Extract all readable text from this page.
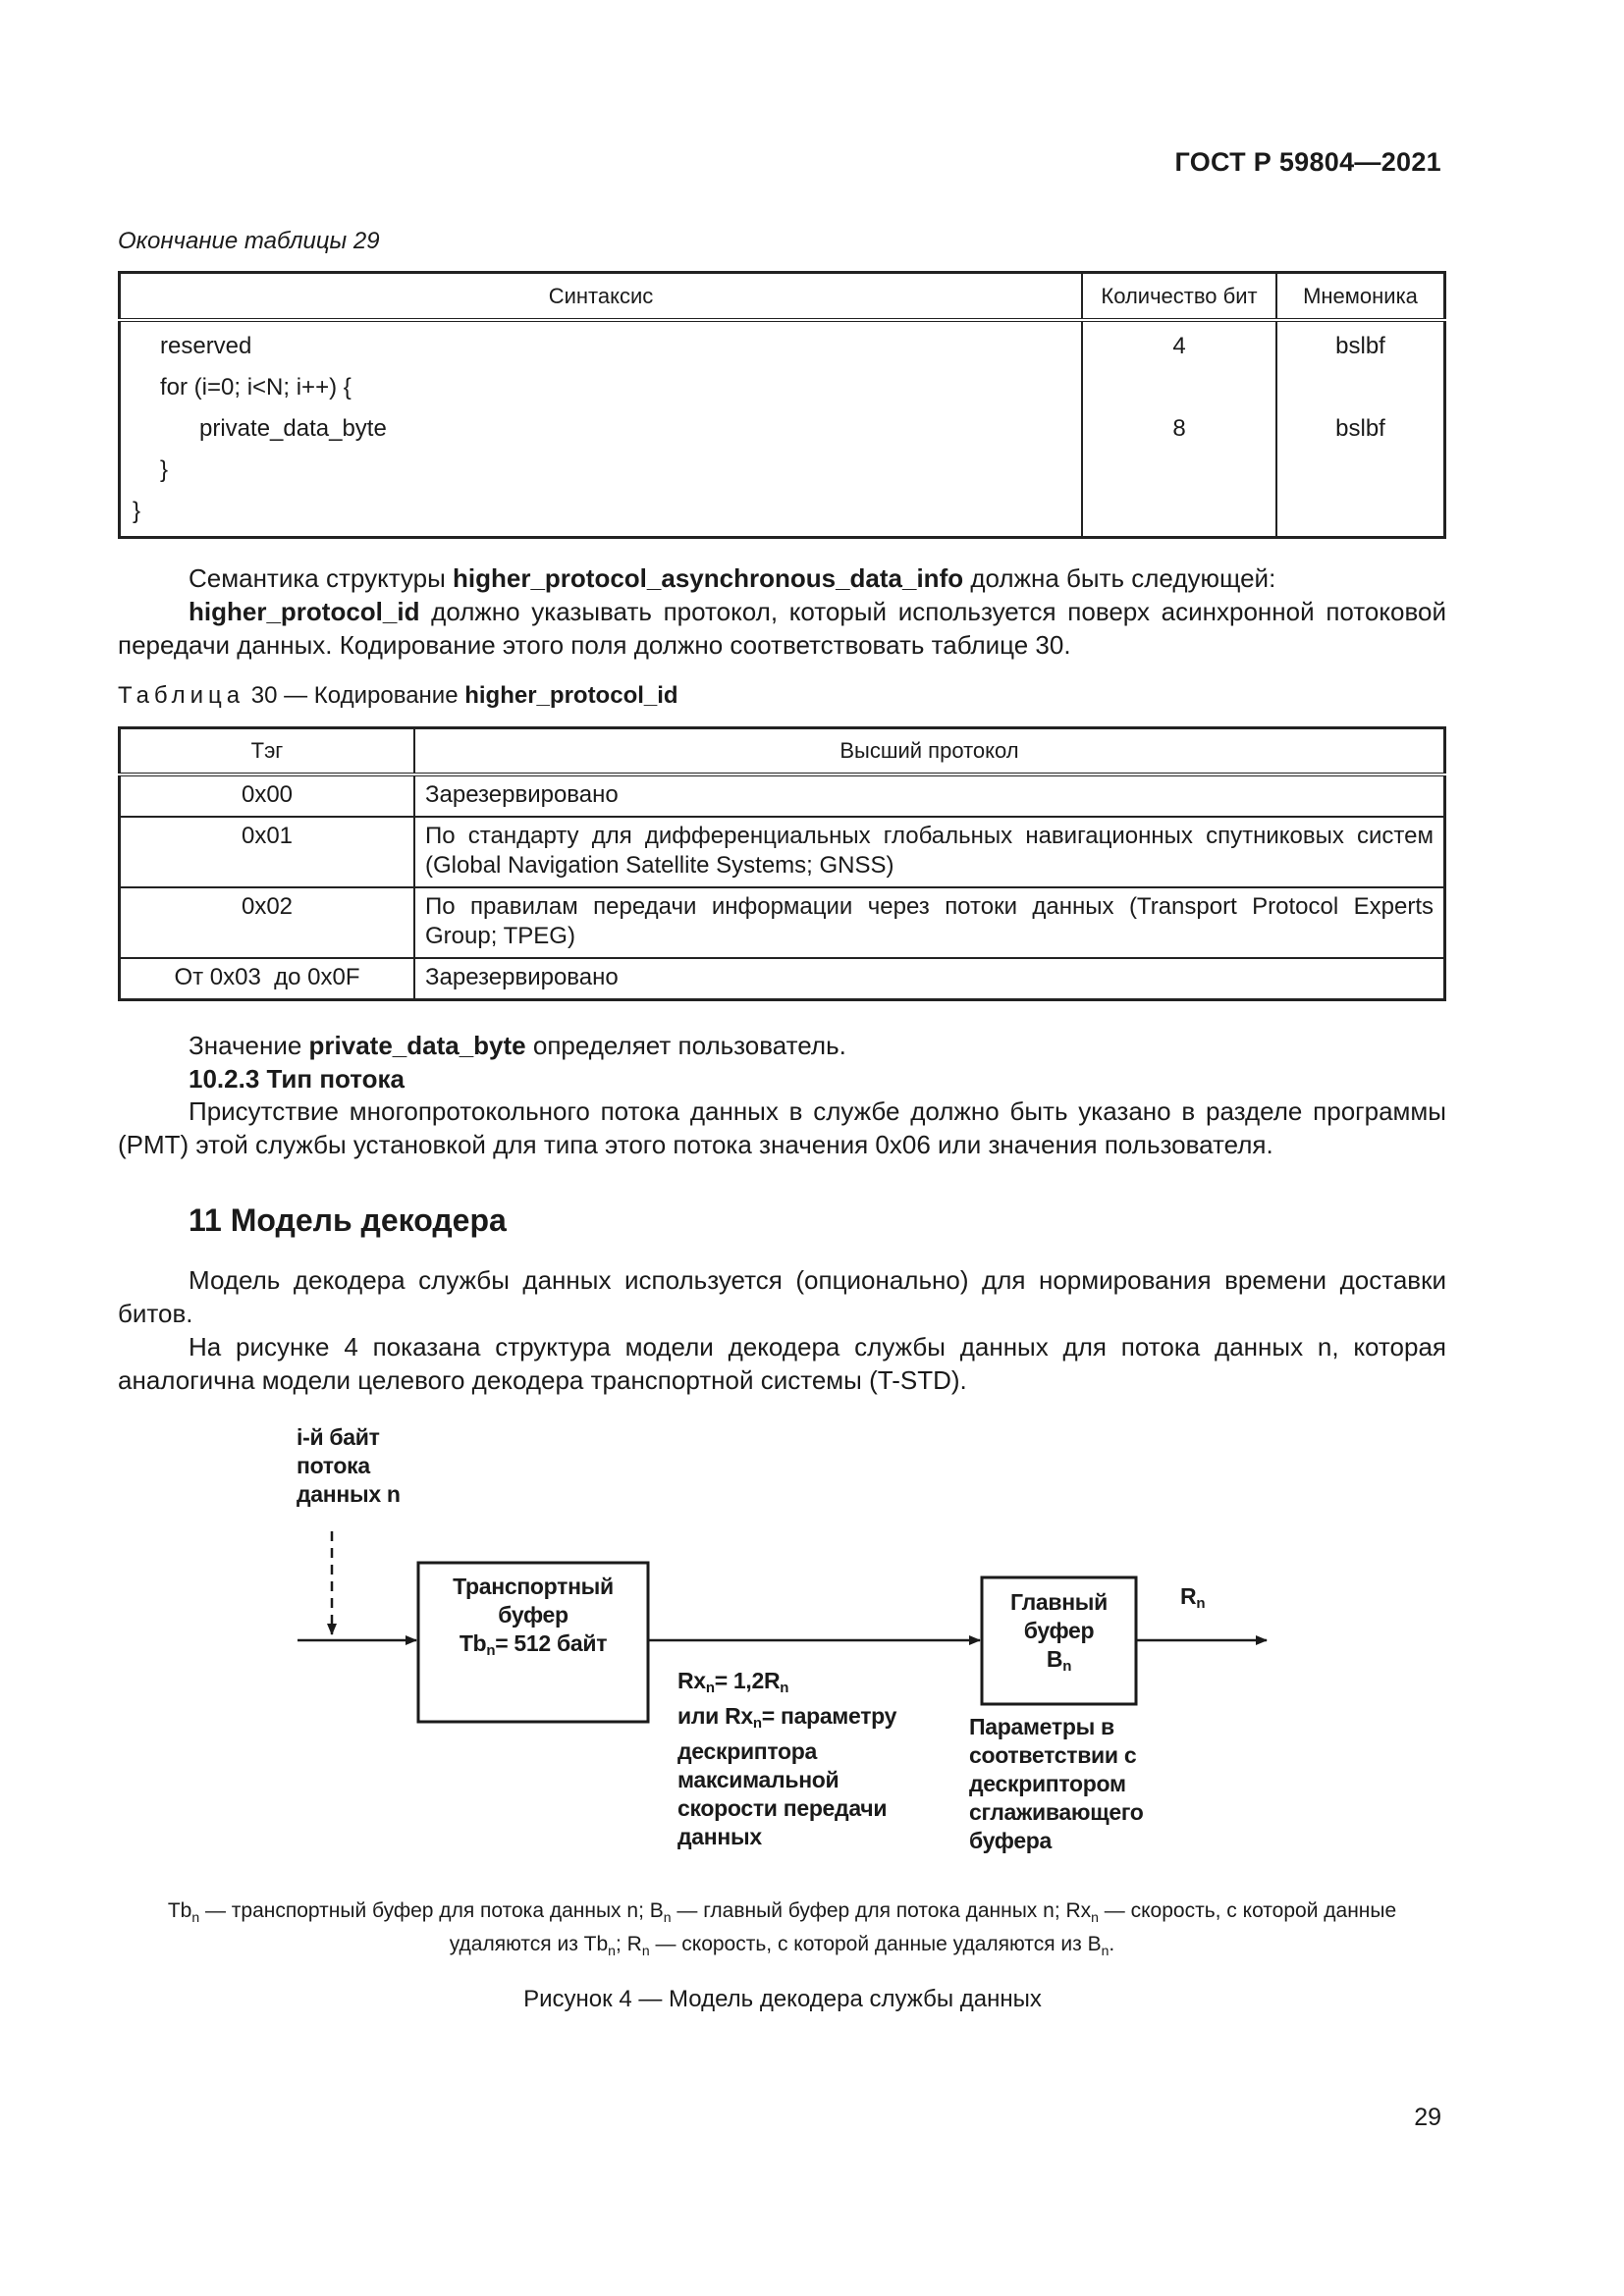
ГОСТ Р 59804—2021
Окончание таблицы 29
Синтаксис	Количество бит	Мнемоника
reserved	4	bslbf
for (i=0; i<N; i++) {		
private_data_byte	8	bslbf
}		
}		
Семантика структуры higher_protocol_asynchronous_data_info должна быть следующей:
higher_protocol_id должно указывать протокол, который используется поверх асинхронной потоковой передачи данных. Кодирование этого поля должно соответствовать таблице 30.
Таблица 30 — Кодирование higher_protocol_id
Тэг	Высший протокол
0x00	Зарезервировано
0x01	По стандарту для дифференциальных глобальных навигационных спутниковых систем (Global Navigation Satellite Systems; GNSS)
0x02	По правилам передачи информации через потоки данных (Transport Protocol Experts Group; TPEG)
От 0x03  до 0x0F	Зарезервировано
Значение private_data_byte определяет пользователь.
10.2.3 Тип потока
Присутствие многопротокольного потока данных в службе должно быть указано в разделе программы (PMT) этой службы установкой для типа этого потока значения 0x06 или значения пользователя.
11 Модель декодера
Модель декодера службы данных используется (опционально) для нормирования времени доставки битов.
На рисунке 4 показана структура модели декодера службы данных для потока данных n, которая аналогична модели целевого декодера транспортной системы (T-STD).
i-й байт
потока
данных n
Транспортный
буфер
$Tb_n= 512$ байт
Главный
буфер
$B_n$
$R_n$
$Rx_n= 1,2R_n$
или $Rx_n=$ параметру
дескриптора
максимальной
скорости передачи
данных
Параметры в
соответствии с
дескриптором
сглаживающего
буфера
$Tb_n$ — транспортный буфер для потока данных n; $B_n$ — главный буфер для потока данных n; $Rx_n$ — скорость, с которой данные удаляются из $Tb_n$; $R_n$ — скорость, с которой данные удаляются из $B_n$.
Рисунок 4 — Модель декодера службы данных
29
